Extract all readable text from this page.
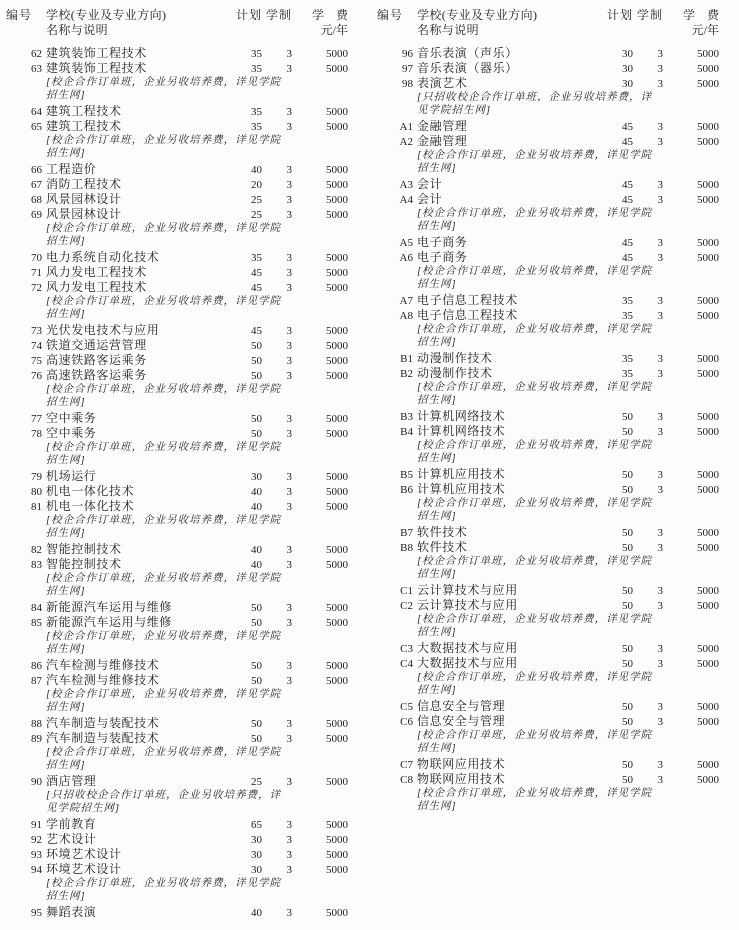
编号	学校(专业及专业方向)
名称与说明
计划 学制	学　费
元/年
62 建筑装饰工程技术	35	3	5000
63 建筑装饰工程技术	35	3	5000
[校企合作订单班，企业另收培养费，详见学院招生网]
64 建筑工程技术	35	3	5000
65 建筑工程技术	35	3	5000
[校企合作订单班，企业另收培养费，详见学院招生网]
66 工程造价	40	3	5000
67 消防工程技术	20	3	5000
68 风景园林设计	25	3	5000
69 风景园林设计	25	3	5000
[校企合作订单班，企业另收培养费，详见学院招生网]
70 电力系统自动化技术	35	3	5000
71 风力发电工程技术	45	3	5000
72 风力发电工程技术	45	3	5000
[校企合作订单班，企业另收培养费，详见学院招生网]
73 光伏发电技术与应用	45	3	5000
74 铁道交通运营管理	50	3	5000
75 高速铁路客运乘务	50	3	5000
76 高速铁路客运乘务	50	3	5000
[校企合作订单班，企业另收培养费，详见学院招生网]
77 空中乘务	50	3	5000
78 空中乘务	50	3	5000
[校企合作订单班，企业另收培养费，详见学院招生网]
79 机场运行	30	3	5000
80 机电一体化技术	40	3	5000
81 机电一体化技术	40	3	5000
[校企合作订单班，企业另收培养费，详见学院招生网]
82 智能控制技术	40	3	5000
83 智能控制技术	40	3	5000
[校企合作订单班，企业另收培养费，详见学院招生网]
84 新能源汽车运用与维修	50	3	5000
85 新能源汽车运用与维修	50	3	5000
[校企合作订单班，企业另收培养费，详见学院招生网]
86 汽车检测与维修技术	50	3	5000
87 汽车检测与维修技术	50	3	5000
[校企合作订单班，企业另收培养费，详见学院招生网]
88 汽车制造与装配技术	50	3	5000
89 汽车制造与装配技术	50	3	5000
[校企合作订单班，企业另收培养费，详见学院招生网]
90 酒店管理	25	3	5000
[只招收校企合作订单班，企业另收培养费，详见学院招生网]
91 学前教育	65	3	5000
92 艺术设计	30	3	5000
93 环境艺术设计	30	3	5000
94 环境艺术设计	30	3	5000
[校企合作订单班，企业另收培养费，详见学院招生网]
95 舞蹈表演	40	3	5000
编号	学校(专业及专业方向)
名称与说明
计划 学制	学　费
元/年
96 音乐表演（声乐）	30	3	5000
97 音乐表演（器乐）	30	3	5000
98 表演艺术	30	3	5000
[只招收校企合作订单班，企业另收培养费，详见学院招生网]
A1 金融管理	45	3	5000
A2 金融管理	45	3	5000
[校企合作订单班，企业另收培养费，详见学院招生网]
A3 会计	45	3	5000
A4 会计	45	3	5000
[校企合作订单班，企业另收培养费，详见学院招生网]
A5 电子商务	45	3	5000
A6 电子商务	45	3	5000
[校企合作订单班，企业另收培养费，详见学院招生网]
A7 电子信息工程技术	35	3	5000
A8 电子信息工程技术	35	3	5000
[校企合作订单班，企业另收培养费，详见学院招生网]
B1 动漫制作技术	35	3	5000
B2 动漫制作技术	35	3	5000
[校企合作订单班，企业另收培养费，详见学院招生网]
B3 计算机网络技术	50	3	5000
B4 计算机网络技术	50	3	5000
[校企合作订单班，企业另收培养费，详见学院招生网]
B5 计算机应用技术	50	3	5000
B6 计算机应用技术	50	3	5000
[校企合作订单班，企业另收培养费，详见学院招生网]
B7 软件技术	50	3	5000
B8 软件技术	50	3	5000
[校企合作订单班，企业另收培养费，详见学院招生网]
C1 云计算技术与应用	50	3	5000
C2 云计算技术与应用	50	3	5000
[校企合作订单班，企业另收培养费，详见学院招生网]
C3 大数据技术与应用	50	3	5000
C4 大数据技术与应用	50	3	5000
[校企合作订单班，企业另收培养费，详见学院招生网]
C5 信息安全与管理	50	3	5000
C6 信息安全与管理	50	3	5000
[校企合作订单班，企业另收培养费，详见学院招生网]
C7 物联网应用技术	50	3	5000
C8 物联网应用技术	50	3	5000
[校企合作订单班，企业另收培养费，详见学院招生网]
